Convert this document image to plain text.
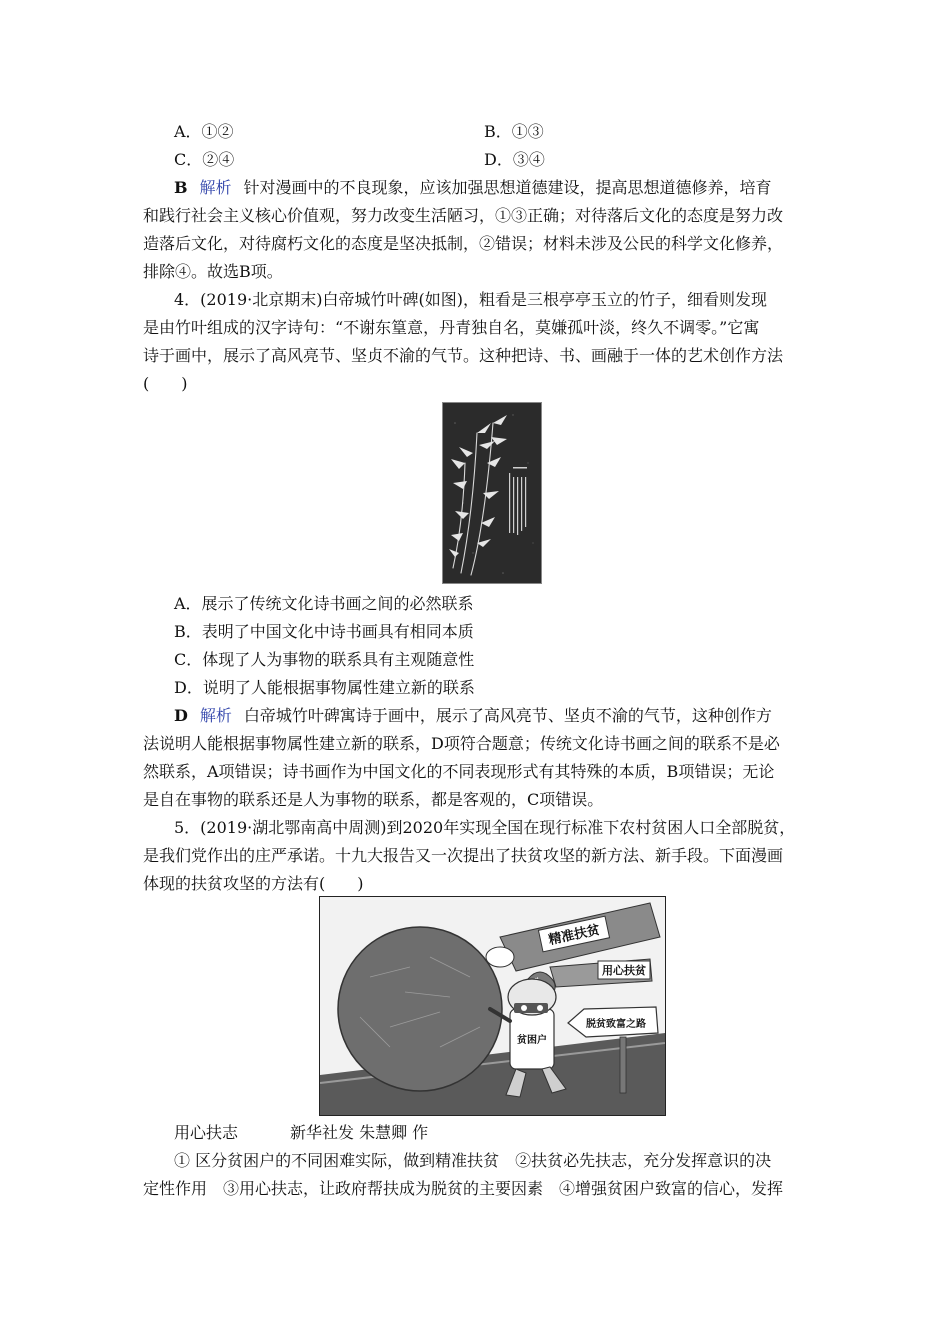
A．①②	B．①③
C．②④	D．③④
B 解析 针对漫画中的不良现象，应该加强思想道德建设，提高思想道德修养，培育
和践行社会主义核心价值观，努力改变生活陋习，①③正确；对待落后文化的态度是努力改
造落后文化，对待腐朽文化的态度是坚决抵制，②错误；材料未涉及公民的科学文化修养，
排除④。故选B项。
4．(2019·北京期末)白帝城竹叶碑(如图)，粗看是三根亭亭玉立的竹子，细看则发现
是由竹叶组成的汉字诗句：“不谢东篁意，丹青独自名，莫嫌孤叶淡，终久不调零。”它寓
诗于画中，展示了高风亮节、坚贞不渝的气节。这种把诗、书、画融于一体的艺术创作方法
(　　)
A．展示了传统文化诗书画之间的必然联系
B．表明了中国文化中诗书画具有相同本质
C．体现了人为事物的联系具有主观随意性
D．说明了人能根据事物属性建立新的联系
D 解析 白帝城竹叶碑寓诗于画中，展示了高风亮节、坚贞不渝的气节，这种创作方
法说明人能根据事物属性建立新的联系，D项符合题意；传统文化诗书画之间的联系不是必
然联系，A项错误；诗书画作为中国文化的不同表现形式有其特殊的本质，B项错误；无论
是自在事物的联系还是人为事物的联系，都是客观的，C项错误。
5．(2019·湖北鄂南高中周测)到2020年实现全国在现行标准下农村贫困人口全部脱贫，
是我们党作出的庄严承诺。十九大报告又一次提出了扶贫攻坚的新方法、新手段。下面漫画
体现的扶贫攻坚的方法有(　　)
精准扶贫
用心扶贫
贫困户
脱贫致富之路
用心扶志	新华社发 朱慧卿 作
① 区分贫困户的不同困难实际，做到精准扶贫　②扶贫必先扶志，充分发挥意识的决
定性作用　③用心扶志，让政府帮扶成为脱贫的主要因素　④增强贫困户致富的信心，发挥
